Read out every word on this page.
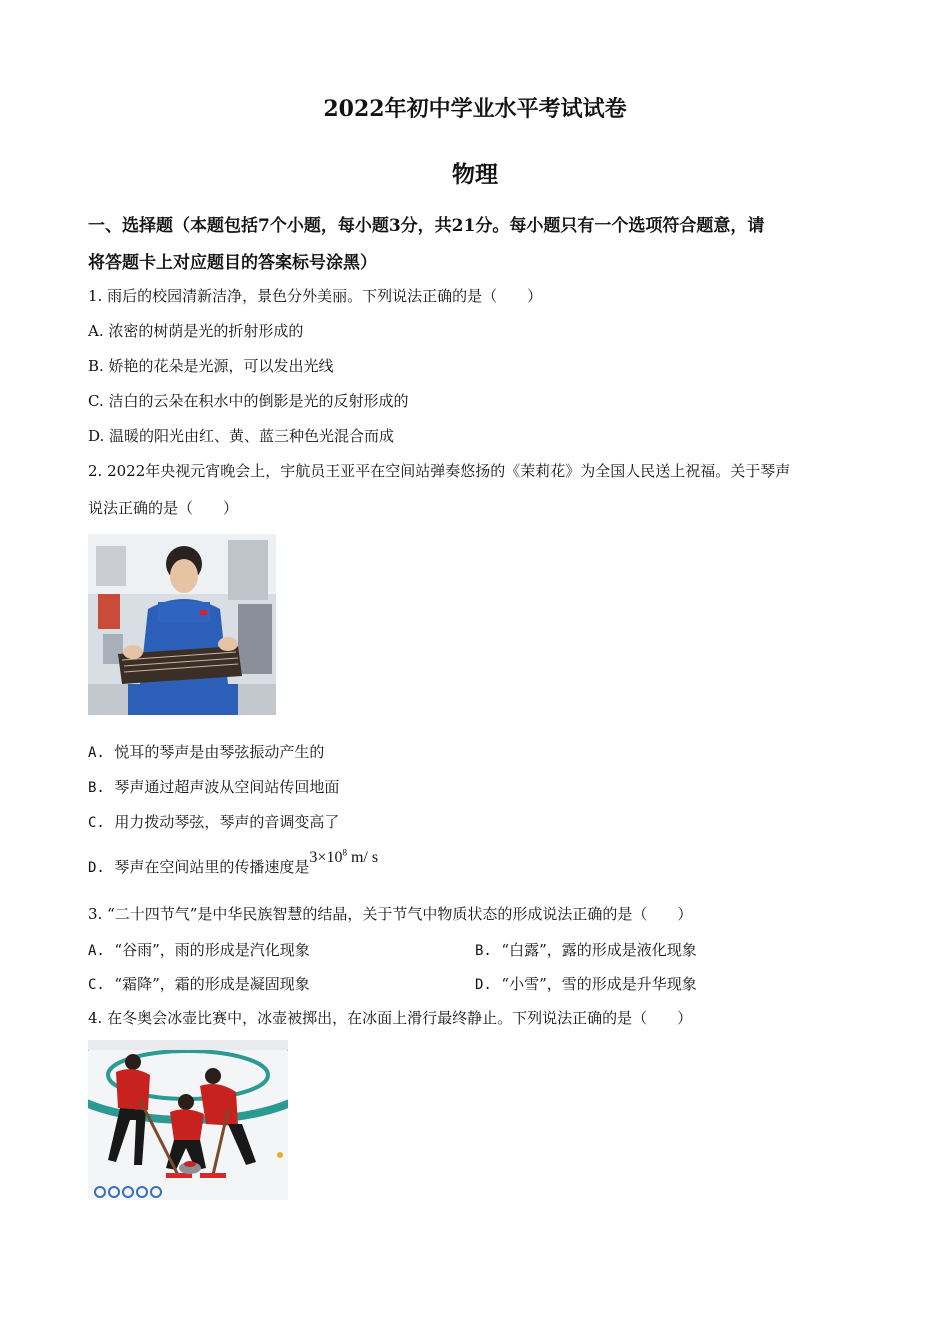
2022年初中学业水平考试试卷
物理
一、选择题（本题包括7个小题，每小题3分，共21分。每小题只有一个选项符合题意，请
将答题卡上对应题目的答案标号涂黑）
1. 雨后的校园清新洁净，景色分外美丽。下列说法正确的是（　　）
A. 浓密的树荫是光的折射形成的
B. 娇艳的花朵是光源，可以发出光线
C. 洁白的云朵在积水中的倒影是光的反射形成的
D. 温暖的阳光由红、黄、蓝三种色光混合而成
2. 2022年央视元宵晚会上，宇航员王亚平在空间站弹奏悠扬的《茉莉花》为全国人民送上祝福。关于琴声
说法正确的是（　　）
A. 悦耳的琴声是由琴弦振动产生的
B. 琴声通过超声波从空间站传回地面
C. 用力拨动琴弦，琴声的音调变高了
D. 琴声在空间站里的传播速度是$3\times 10^8$ m/ s
3. “二十四节气”是中华民族智慧的结晶，关于节气中物质状态的形成说法正确的是（　　）
A. “谷雨”，雨的形成是汽化现象	B. “白露”，露的形成是液化现象
C. “霜降”，霜的形成是凝固现象	D. “小雪”，雪的形成是升华现象
4. 在冬奥会冰壶比赛中，冰壶被掷出，在冰面上滑行最终静止。下列说法正确的是（　　）
